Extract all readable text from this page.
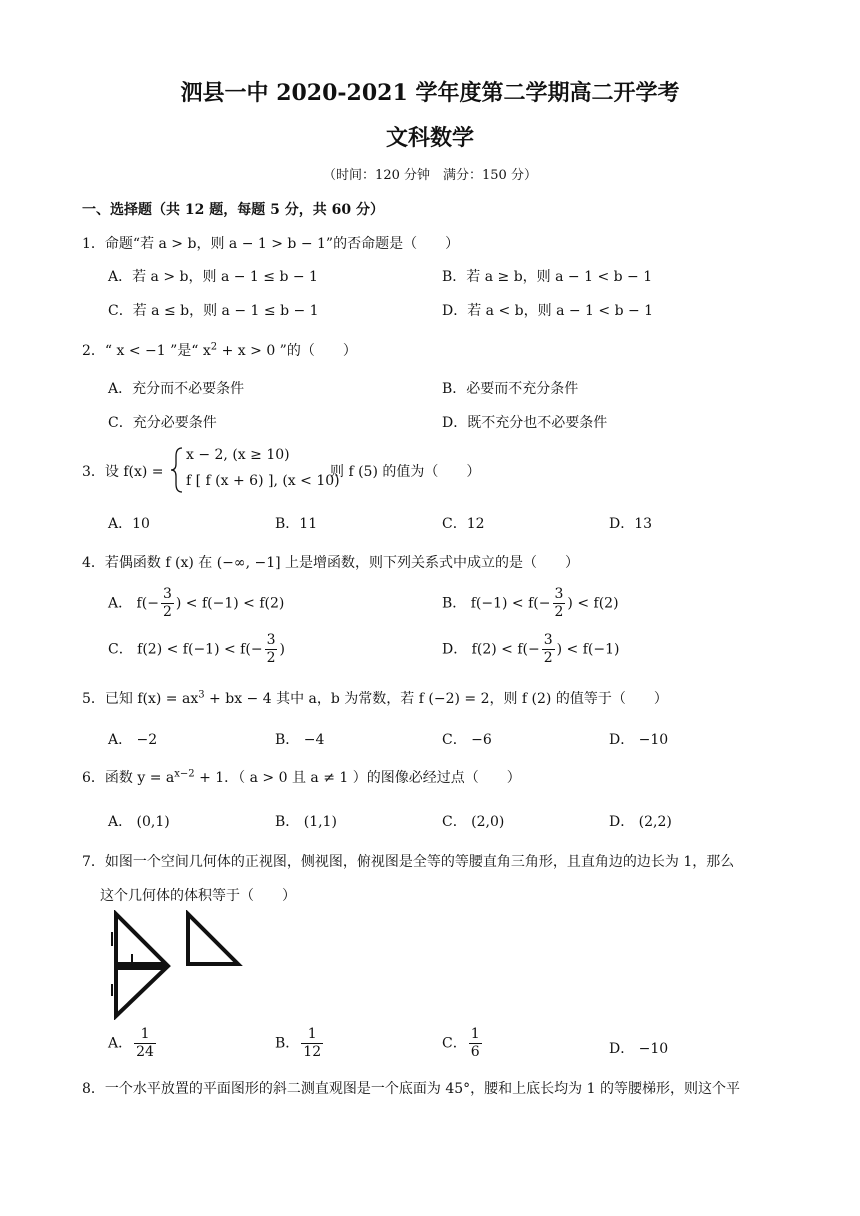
泗县一中 2020-2021 学年度第二学期高二开学考
文科数学
（时间：120 分钟　满分：150 分）
一、选择题（共 12 题，每题 5 分，共 60 分）
1．命题“若 a > b，则 a − 1 > b − 1”的否命题是（　　）
A．若 a > b，则 a − 1 ≤ b − 1	B．若 a ≥ b，则 a − 1 < b − 1
C．若 a ≤ b，则 a − 1 ≤ b − 1	D．若 a < b，则 a − 1 < b − 1
2．“ x < −1 ”是“ $x^2 + x > 0$ ”的（　　）
A．充分而不必要条件	B．必要而不充分条件
C．充分必要条件	D．既不充分也不必要条件
3．设 f(x) =
x − 2, (x ≥ 10)
f [ f (x + 6) ], (x < 10)
则 f (5) 的值为（　　）
A．10	B．11	C．12	D．13
4．若偶函数 f (x) 在 (−∞, −1] 上是增函数，则下列关系式中成立的是（　　）
A． $f(- \frac{3}{2}$ ) < f(−1) < f(2)	B． $f(-1) < f(- \frac{3}{2}$ ) < f(2)
C． $f(2) < f(-1) < f(- \frac{3}{2}$ )	D． $f(2) < f(- \frac{3}{2}$ ) < f(−1)
5．已知 $f(x) = ax^3$ + bx − 4 其中 a，b 为常数，若 f (−2) = 2，则 f (2) 的值等于（　　）
A． −2	B． −4	C． −6	D． −10
6．函数 $y = a^{x-2} + 1$．（ a > 0 且 a ≠ 1 ）的图像必经过点（　　）
A． (0,1)	B． (1,1)	C． (2,0)	D． (2,2)
7．如图一个空间几何体的正视图，侧视图，俯视图是全等的等腰直角三角形，且直角边的边长为 1，那么
这个几何体的体积等于（　　）
A． $\frac{1}{24}$	B． $\frac{1}{12}$	C． $\frac{1}{6}$	D． −10
8．一个水平放置的平面图形的斜二测直观图是一个底面为 45°，腰和上底长均为 1 的等腰梯形，则这个平
